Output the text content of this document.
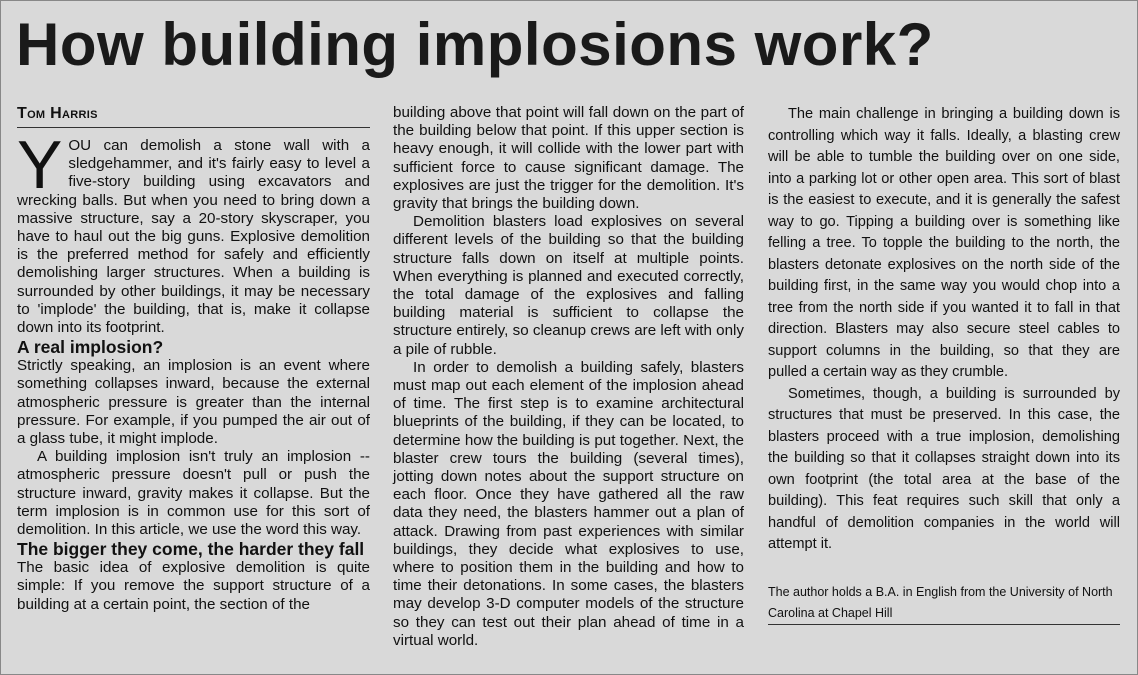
How building implosions work?
Tom Harris

YOU can demolish a stone wall with a sledgehammer, and it's fairly easy to level a five-story building using excavators and wrecking balls. But when you need to bring down a massive structure, say a 20-story skyscraper, you have to haul out the big guns. Explosive demolition is the preferred method for safely and efficiently demolishing larger structures. When a building is surrounded by other buildings, it may be necessary to 'implode' the building, that is, make it collapse down into its footprint.

A real implosion?

Strictly speaking, an implosion is an event where something collapses inward, because the external atmospheric pressure is greater than the internal pressure. For example, if you pumped the air out of a glass tube, it might implode.

A building implosion isn't truly an implosion -- atmospheric pressure doesn't pull or push the structure inward, gravity makes it collapse. But the term implosion is in common use for this sort of demolition. In this article, we use the word this way.

The bigger they come, the harder they fall

The basic idea of explosive demolition is quite simple: If you remove the support structure of a building at a certain point, the section of the

building above that point will fall down on the part of the building below that point. If this upper section is heavy enough, it will collide with the lower part with sufficient force to cause significant damage. The explosives are just the trigger for the demolition. It's gravity that brings the building down.

Demolition blasters load explosives on several different levels of the building so that the building structure falls down on itself at multiple points. When everything is planned and executed correctly, the total damage of the explosives and falling building material is sufficient to collapse the structure entirely, so cleanup crews are left with only a pile of rubble.

In order to demolish a building safely, blasters must map out each element of the implosion ahead of time. The first step is to examine architectural blueprints of the building, if they can be located, to determine how the building is put together. Next, the blaster crew tours the building (several times), jotting down notes about the support structure on each floor. Once they have gathered all the raw data they need, the blasters hammer out a plan of attack. Drawing from past experiences with similar buildings, they decide what explosives to use, where to position them in the building and how to time their detonations. In some cases, the blasters may develop 3-D computer models of the structure so they can test out their plan ahead of time in a virtual world.

The main challenge in bringing a building down is controlling which way it falls. Ideally, a blasting crew will be able to tumble the building over on one side, into a parking lot or other open area. This sort of blast is the easiest to execute, and it is generally the safest way to go. Tipping a building over is something like felling a tree. To topple the building to the north, the blasters detonate explosives on the north side of the building first, in the same way you would chop into a tree from the north side if you wanted it to fall in that direction. Blasters may also secure steel cables to support columns in the building, so that they are pulled a certain way as they crumble.

Sometimes, though, a building is surrounded by structures that must be preserved. In this case, the blasters proceed with a true implosion, demolishing the building so that it collapses straight down into its own footprint (the total area at the base of the building). This feat requires such skill that only a handful of demolition companies in the world will attempt it.

The author holds a B.A. in English from the University of North Carolina at Chapel Hill
